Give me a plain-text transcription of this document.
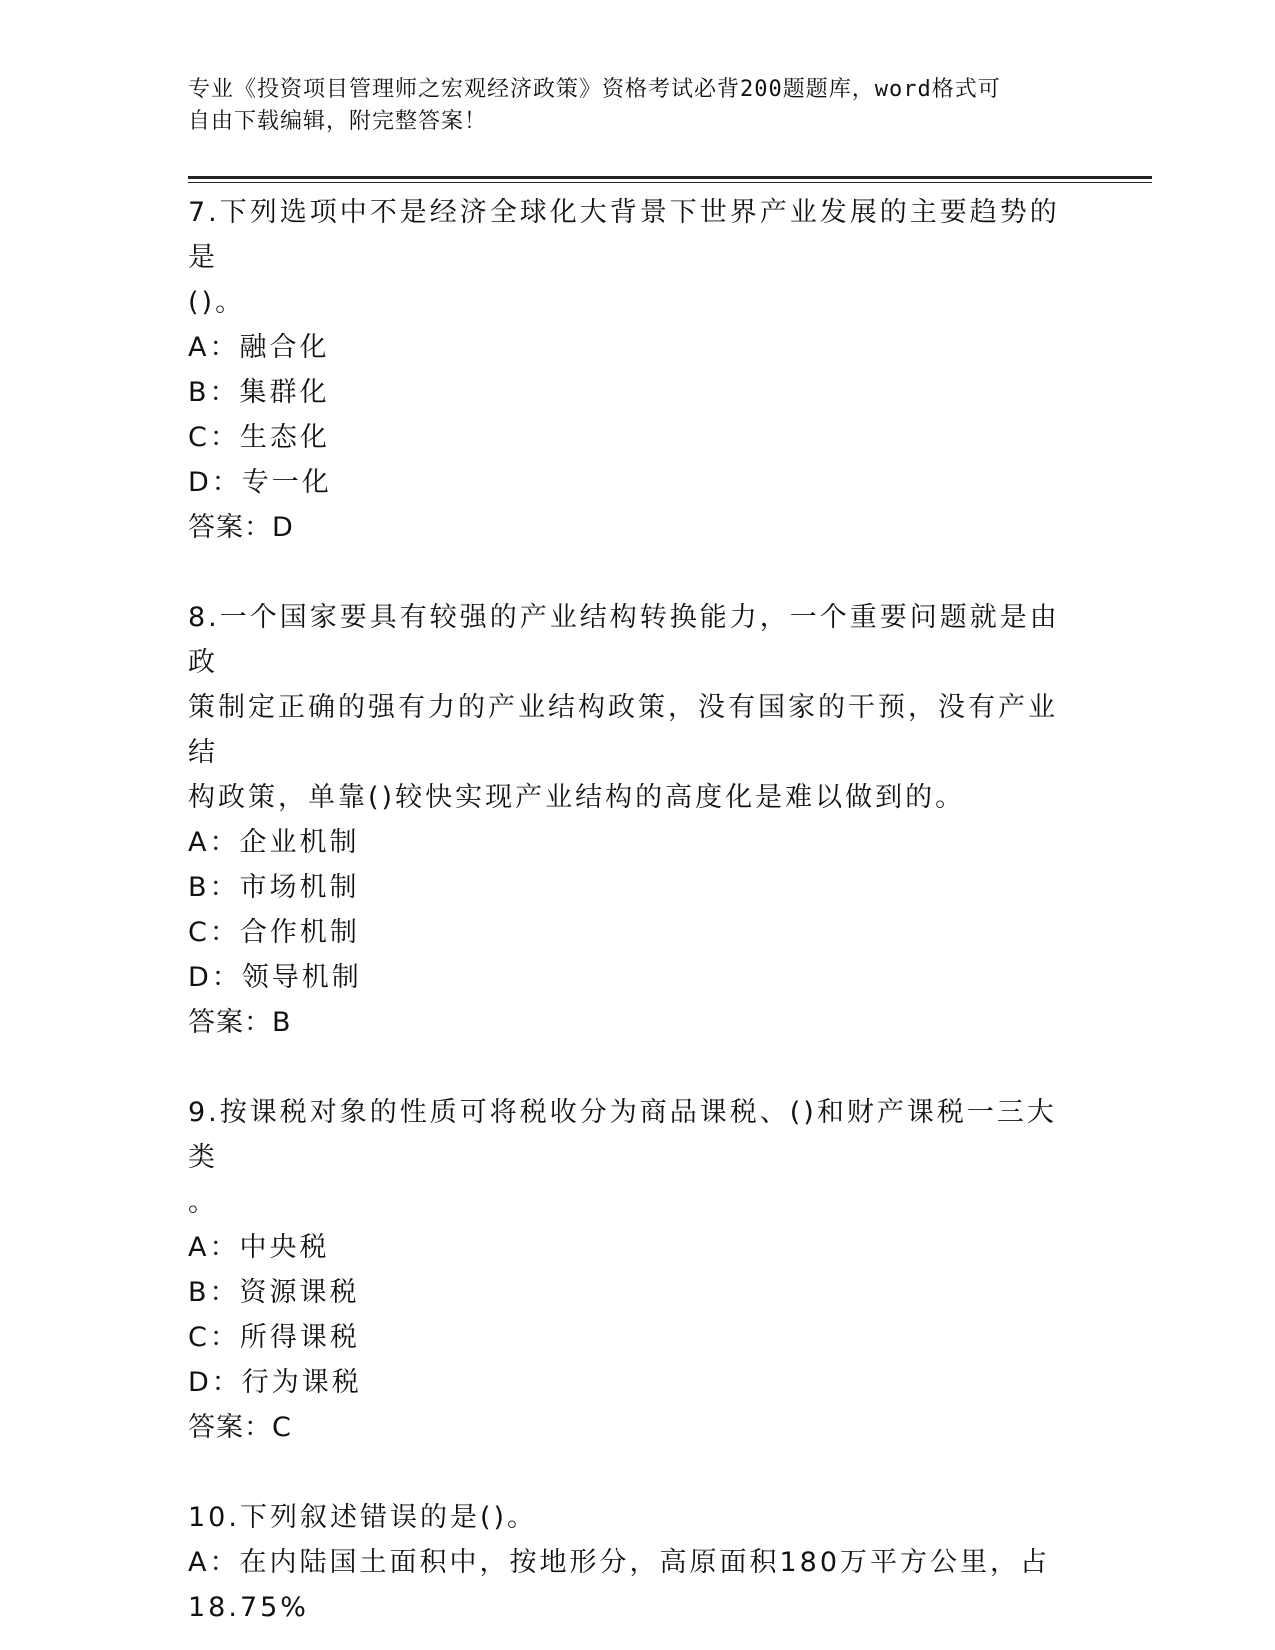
专业《投资项目管理师之宏观经济政策》资格考试必背200题题库，word格式可
自由下载编辑，附完整答案！
7.下列选项中不是经济全球化大背景下世界产业发展的主要趋势的是
()。
A：融合化
B：集群化
C：生态化
D：专一化
答案：D
8.一个国家要具有较强的产业结构转换能力，一个重要问题就是由政
策制定正确的强有力的产业结构政策，没有国家的干预，没有产业结
构政策，单靠()较快实现产业结构的高度化是难以做到的。
A：企业机制
B：市场机制
C：合作机制
D：领导机制
答案：B
9.按课税对象的性质可将税收分为商品课税、()和财产课税一三大类
。
A：中央税
B：资源课税
C：所得课税
D：行为课税
答案：C
10.下列叙述错误的是()。
A：在内陆国土面积中，按地形分，高原面积180万平方公里，占
18.75%
